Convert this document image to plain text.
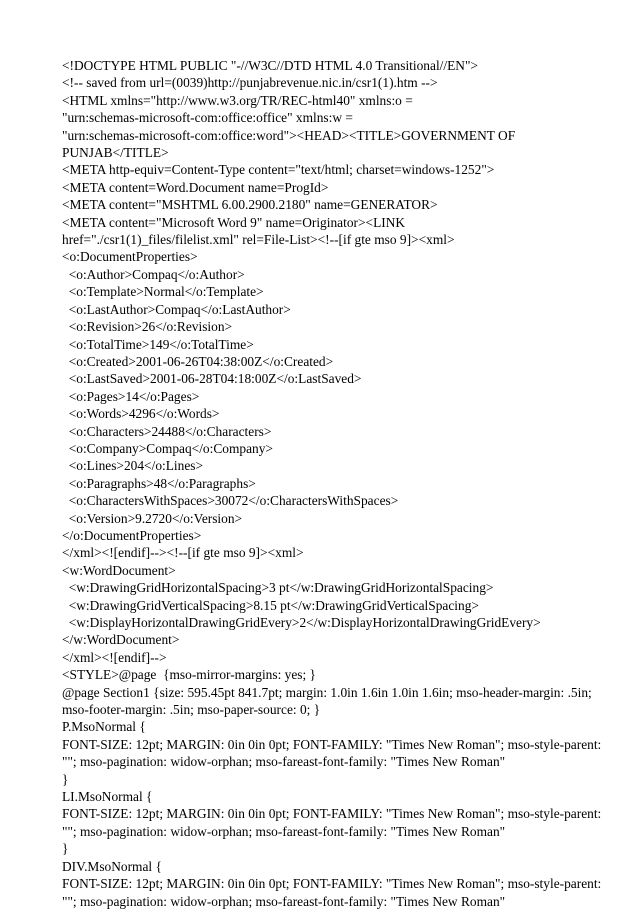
<!DOCTYPE HTML PUBLIC "-//W3C//DTD HTML 4.0 Transitional//EN">
<!-- saved from url=(0039)http://punjabrevenue.nic.in/csr1(1).htm -->
<HTML xmlns="http://www.w3.org/TR/REC-html40" xmlns:o =
"urn:schemas-microsoft-com:office:office" xmlns:w =
"urn:schemas-microsoft-com:office:word"><HEAD><TITLE>GOVERNMENT OF
PUNJAB</TITLE>
<META http-equiv=Content-Type content="text/html; charset=windows-1252">
<META content=Word.Document name=ProgId>
<META content="MSHTML 6.00.2900.2180" name=GENERATOR>
<META content="Microsoft Word 9" name=Originator><LINK
href="./csr1(1)_files/filelist.xml" rel=File-List><!--[if gte mso 9]><xml>
<o:DocumentProperties>
<o:Author>Compaq</o:Author>
<o:Template>Normal</o:Template>
<o:LastAuthor>Compaq</o:LastAuthor>
<o:Revision>26</o:Revision>
<o:TotalTime>149</o:TotalTime>
<o:Created>2001-06-26T04:38:00Z</o:Created>
<o:LastSaved>2001-06-28T04:18:00Z</o:LastSaved>
<o:Pages>14</o:Pages>
<o:Words>4296</o:Words>
<o:Characters>24488</o:Characters>
<o:Company>Compaq</o:Company>
<o:Lines>204</o:Lines>
<o:Paragraphs>48</o:Paragraphs>
<o:CharactersWithSpaces>30072</o:CharactersWithSpaces>
<o:Version>9.2720</o:Version>
</o:DocumentProperties>
</xml><![endif]--><!--[if gte mso 9]><xml>
<w:WordDocument>
<w:DrawingGridHorizontalSpacing>3 pt</w:DrawingGridHorizontalSpacing>
<w:DrawingGridVerticalSpacing>8.15 pt</w:DrawingGridVerticalSpacing>
<w:DisplayHorizontalDrawingGridEvery>2</w:DisplayHorizontalDrawingGridEvery>
</w:WordDocument>
</xml><![endif]-->
<STYLE>@page  {mso-mirror-margins: yes; }
@page Section1 {size: 595.45pt 841.7pt; margin: 1.0in 1.6in 1.0in 1.6in; mso-header-margin: .5in;
mso-footer-margin: .5in; mso-paper-source: 0; }
P.MsoNormal {
FONT-SIZE: 12pt; MARGIN: 0in 0in 0pt; FONT-FAMILY: "Times New Roman"; mso-style-parent:
""; mso-pagination: widow-orphan; mso-fareast-font-family: "Times New Roman"
}
LI.MsoNormal {
FONT-SIZE: 12pt; MARGIN: 0in 0in 0pt; FONT-FAMILY: "Times New Roman"; mso-style-parent:
""; mso-pagination: widow-orphan; mso-fareast-font-family: "Times New Roman"
}
DIV.MsoNormal {
FONT-SIZE: 12pt; MARGIN: 0in 0in 0pt; FONT-FAMILY: "Times New Roman"; mso-style-parent:
""; mso-pagination: widow-orphan; mso-fareast-font-family: "Times New Roman"
